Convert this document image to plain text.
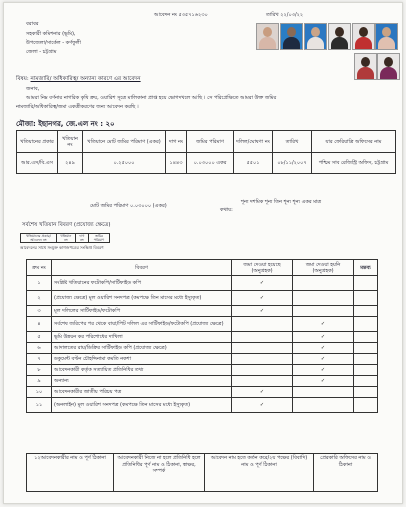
আবেদন নং ৫৩৫৭১৬২৩০	তারিখ ২২/০৩/২২
বরাবর
সহকারী কমিশনার (ভূমি),
উপজেলা/সার্কেল - কর্ণফুলী
জেলা - চট্টগ্রাম
বিষয়: নামজারি/ অধিকারিত্ব/ অন্যান্য কারণে এর আবেদন
জনাব,
আমরা নিম্ন বর্ণনার নাগরিক কৃষি ক্রয়, ওয়ারিশ সূত্রে মালিকানা প্রাপ্ত হয়ে ভোগদখলে আছি । সে পরিপ্রেক্ষিতে আমরা উক্ত জমির
নামজারি/অধিকারিত্ব/জমা একত্রীকরণের জন্য আবেদন করছি ।
মৌজা: ইছানগর, জে.এল নং : ২০
খতিয়ানের প্রকার	খতিয়ান নং	খতিয়ানে মোট জমির পরিমাণ (একর)	দাগ নং	জমির পরিমাণ	দলিল/ঘোষণা নং	তারিখ	যার ফেরিয়াত্রি অফিসের নাম
আর.এস/বি.এস	২৪৯	০.২৫০০০	১৪৪৩	০.০৩০০০ একর	৫৫০১	০৮/১১/২০০৭	পশ্চিম সাব রেজিস্ট্রি অফিস, চট্টগ্রাম
মোট জমির পরিমাণ ০.০৩০০০ (একর)
কথায়:
শূন্য দশমিক শূন্য তিন শূন্য শূন্য একর মাত্র
সর্বশেষ খতিয়ান বিবরণ (প্রযোজ্য ক্ষেত্রে)
খতিয়ানের প্রকার/আবেদন নং	খতিয়ান নং	দাগ নং	জমির পরিমাণ
আবেদনের সাথে সংযুক্ত কাগজপত্রের সংক্ষিপ্ত বিবরণ
ক্রম নং	বিবরণ	জমা দেওয়া হয়েছে (অনুগ্রহক)	জমা দেওয়া হয়নি (অনুগ্রহক)	মন্তব্য
১	সংশ্লিষ্ট খতিয়ানের ফটোকপি/সার্টিফাইড কপি	✓		
২	(প্রযোজ্য ক্ষেত্রে) মূল ওয়ারিশ সনদপত্র (কমপক্ষে তিন মাসের মধ্যে ইস্যুকৃত)	✓		
৩	মূল দলিলের সার্টিফাইড/ফটোকপি	✓		
৪	সর্বশেষ জরিপের পর থেকে বায়া/পিট দলিল এর সার্টিফাইড/ফটোকপি (প্রযোজ্য ক্ষেত্রে)		✓	
৫	ভূমি উন্নয়ন কর পরিশোধের দাখিলা		✓	
৬	আদালতের রায়/ডিক্রির সার্টিফাইড কপি (প্রযোজ্য ক্ষেত্রে)		✓	
৭	ডকুমেন্ট বণ্টন চৌহদ্দিনামা কমতি নকশা		✓	
৮	আবেদনকারী কর্তৃক সত্যায়িত প্রতিনিধির তথ্য		✓	
৯	অন্যান্য		✓	
১০	আবেদনকারীর জাতীয় পরিচয় পত্র	✓		
১১	(অনলাইন) মূল ওয়ারিশ সনদপত্র (কমপক্ষে তিন মাসের মধ্যে ইস্যুকৃত)	✓		
১২আবেদনকারীর নাম ও পূর্ণ ঠিকানা	আবেদনকারী নিজে না হলে প্রতিনিধি হলে প্রতিনিধির পূর্ণ নাম ও ঠিকানা, স্বাক্ষর, সম্পর্ক	আবেদন নাম হতে কর্তন করে/২য় পক্ষের (বিবাদি) নাম ও পূর্ণ ঠিকানা	প্রেরকারি অফিসের নাম ও ঠিকানা
